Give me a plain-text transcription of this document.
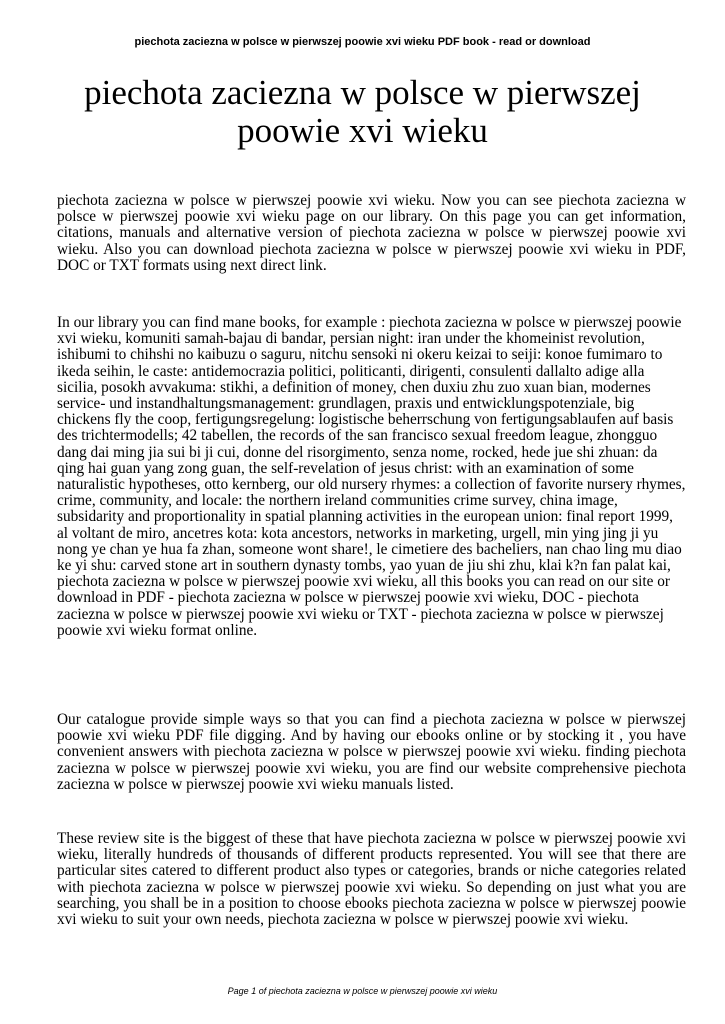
piechota zaciezna w polsce w pierwszej poowie xvi wieku PDF book - read or download
piechota zaciezna w polsce w pierwszej poowie xvi wieku

piechota zaciezna w polsce w pierwszej poowie xvi wieku. Now you can see piechota zaciezna w polsce w pierwszej poowie xvi wieku page on our library. On this page you can get information, citations, manuals and alternative version of piechota zaciezna w polsce w pierwszej poowie xvi wieku. Also you can download piechota zaciezna w polsce w pierwszej poowie xvi wieku in PDF, DOC or TXT formats using next direct link.

In our library you can find mane books, for example : piechota zaciezna w polsce w pierwszej poowie xvi wieku, komuniti samah-bajau di bandar, persian night: iran under the khomeinist revolution, ishibumi to chihshi no kaibuzu o saguru, nitchu sensoki ni okeru keizai to seiji: konoe fumimaro to ikeda seihin, le caste: antidemocrazia politici, politicanti, dirigenti, consulenti dallalto adige alla sicilia, posokh avvakuma: stikhi, a definition of money, chen duxiu zhu zuo xuan bian, modernes service- und instandhaltungsmanagement: grundlagen, praxis und entwicklungspotenziale, big chickens fly the coop, fertigungsregelung: logistische beherrschung von fertigungsablaufen auf basis des trichtermodells; 42 tabellen, the records of the san francisco sexual freedom league, zhongguo dang dai ming jia sui bi ji cui, donne del risorgimento, senza nome, rocked, hede jue shi zhuan: da qing hai guan yang zong guan, the self-revelation of jesus christ: with an examination of some naturalistic hypotheses, otto kernberg, our old nursery rhymes: a collection of favorite nursery rhymes, crime, community, and locale: the northern ireland communities crime survey, china image, subsidarity and proportionality in spatial planning activities in the european union: final report 1999, al voltant de miro, ancetres kota: kota ancestors, networks in marketing, urgell, min ying jing ji yu nong ye chan ye hua fa zhan, someone wont share!, le cimetiere des bacheliers, nan chao ling mu diao ke yi shu: carved stone art in southern dynasty tombs, yao yuan de jiu shi zhu, klai k?n fan palat kai, piechota zaciezna w polsce w pierwszej poowie xvi wieku, all this books you can read on our site or download in PDF - piechota zaciezna w polsce w pierwszej poowie xvi wieku, DOC - piechota zaciezna w polsce w pierwszej poowie xvi wieku or TXT - piechota zaciezna w polsce w pierwszej poowie xvi wieku format online.

Our catalogue provide simple ways so that you can find a piechota zaciezna w polsce w pierwszej poowie xvi wieku PDF file digging. And by having our ebooks online or by stocking it , you have convenient answers with piechota zaciezna w polsce w pierwszej poowie xvi wieku. finding piechota zaciezna w polsce w pierwszej poowie xvi wieku, you are find our website comprehensive piechota zaciezna w polsce w pierwszej poowie xvi wieku manuals listed.

These review site is the biggest of these that have piechota zaciezna w polsce w pierwszej poowie xvi wieku, literally hundreds of thousands of different products represented. You will see that there are particular sites catered to different product also types or categories, brands or niche categories related with piechota zaciezna w polsce w pierwszej poowie xvi wieku. So depending on just what you are searching, you shall be in a position to choose ebooks piechota zaciezna w polsce w pierwszej poowie xvi wieku to suit your own needs, piechota zaciezna w polsce w pierwszej poowie xvi wieku.

Page 1 of piechota zaciezna w polsce w pierwszej poowie xvi wieku
